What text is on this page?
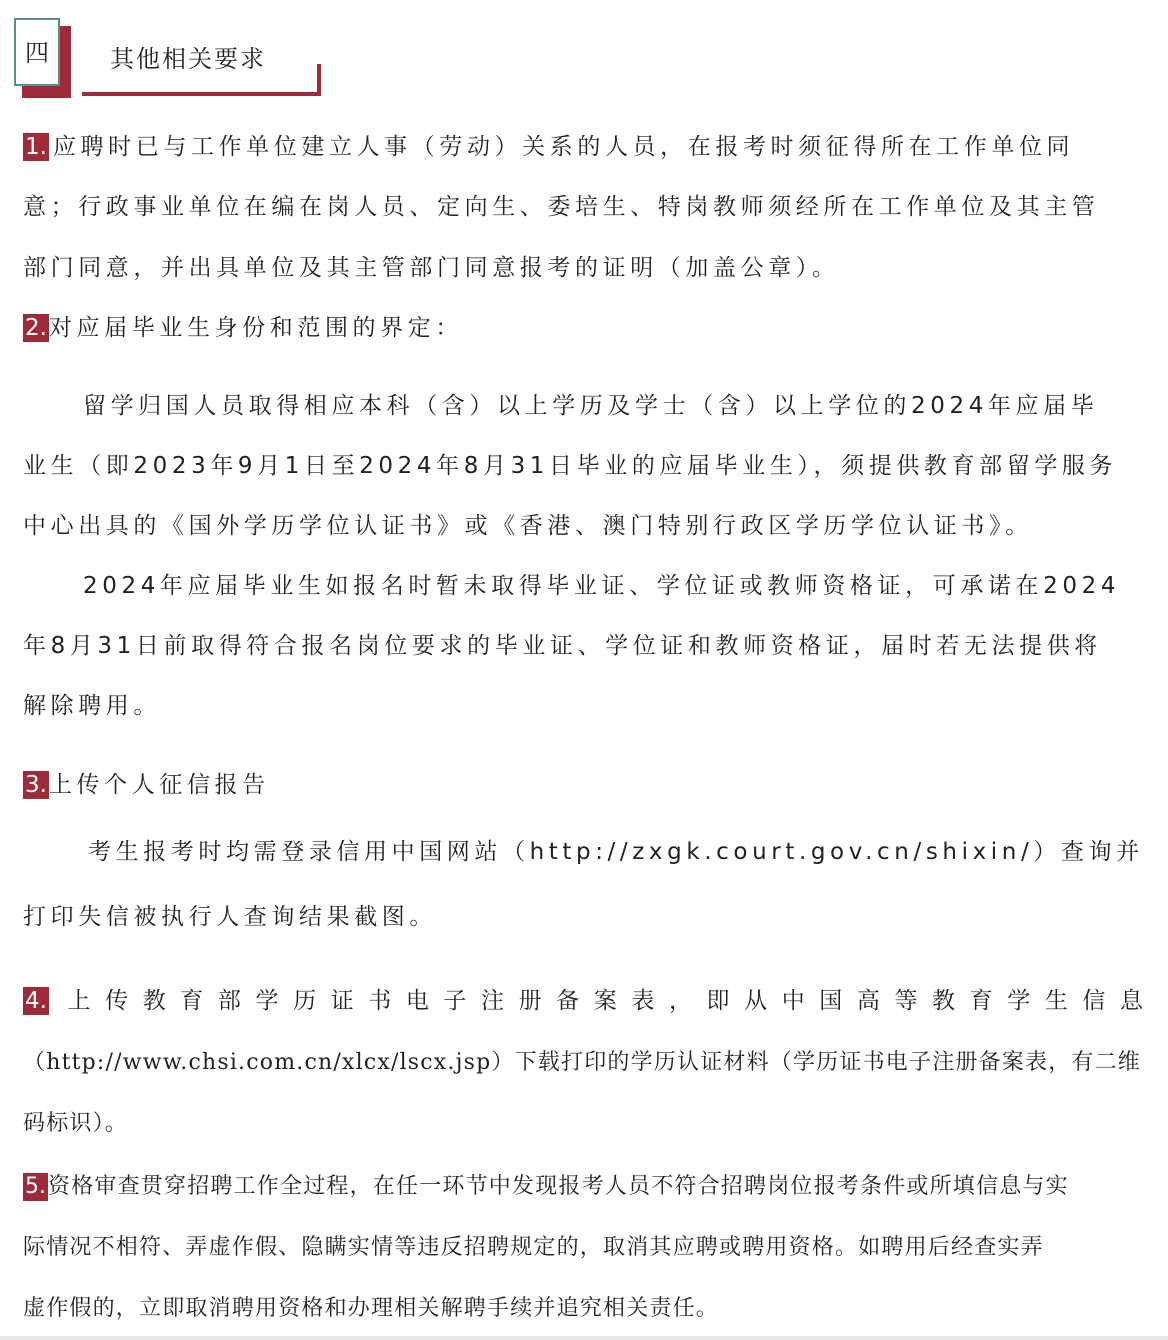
四	其他相关要求
1. 应聘时已与工作单位建立人事（劳动）关系的人员，在报考时须征得所在工作单位同
意；行政事业单位在编在岗人员、定向生、委培生、特岗教师须经所在工作单位及其主管
部门同意，并出具单位及其主管部门同意报考的证明（加盖公章）。
2.对应届毕业生身份和范围的界定：
留学归国人员取得相应本科（含）以上学历及学士（含）以上学位的2024年应届毕
业生（即2023年9月1日至2024年8月31日毕业的应届毕业生），须提供教育部留学服务
中心出具的《国外学历学位认证书》或《香港、澳门特别行政区学历学位认证书》。
2024年应届毕业生如报名时暂未取得毕业证、学位证或教师资格证，可承诺在2024
年8月31日前取得符合报名岗位要求的毕业证、学位证和教师资格证，届时若无法提供将
解除聘用。
3.上传个人征信报告
考生报考时均需登录信用中国网站（http://zxgk.court.gov.cn/shixin/）查询并
打印失信被执行人查询结果截图。
4. 上传教育部学历证书电子注册备案表，即从中国高等教育学生信息
（http://www.chsi.com.cn/xlcx/lscx.jsp）下载打印的学历认证材料（学历证书电子注册备案表，有二维
码标识）。
5.资格审查贯穿招聘工作全过程，在任一环节中发现报考人员不符合招聘岗位报考条件或所填信息与实
际情况不相符、弄虚作假、隐瞒实情等违反招聘规定的，取消其应聘或聘用资格。如聘用后经查实弄
虚作假的，立即取消聘用资格和办理相关解聘手续并追究相关责任。
